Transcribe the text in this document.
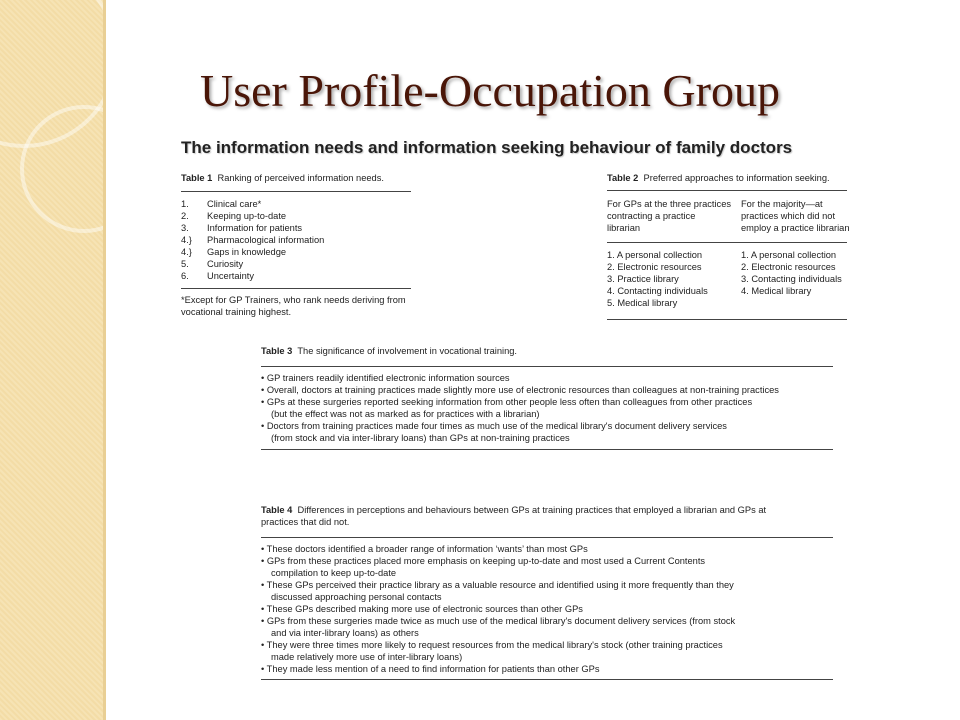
User Profile-Occupation Group
The information needs and information seeking behaviour of family doctors
Table 1 Ranking of perceived information needs.
1. Clinical care*
2. Keeping up-to-date
3. Information for patients
4.} Pharmacological information
4.} Gaps in knowledge
5. Curiosity
6. Uncertainty
*Except for GP Trainers, who rank needs deriving from
vocational training highest.
Table 2 Preferred approaches to information seeking.
For GPs at the three practices
contracting a practice
librarian
For the majority—at
practices which did not
employ a practice librarian
1. A personal collection
2. Electronic resources
3. Practice library
4. Contacting individuals
5. Medical library
1. A personal collection
2. Electronic resources
3. Contacting individuals
4. Medical library
Table 3 The significance of involvement in vocational training.
• GP trainers readily identified electronic information sources
• Overall, doctors at training practices made slightly more use of electronic resources than colleagues at non-training practices
• GPs at these surgeries reported seeking information from other people less often than colleagues from other practices
(but the effect was not as marked as for practices with a librarian)
• Doctors from training practices made four times as much use of the medical library's document delivery services
(from stock and via inter-library loans) than GPs at non-training practices
Table 4 Differences in perceptions and behaviours between GPs at training practices that employed a librarian and GPs at
practices that did not.
• These doctors identified a broader range of information ‘wants’ than most GPs
• GPs from these practices placed more emphasis on keeping up-to-date and most used a Current Contents
compilation to keep up-to-date
• These GPs perceived their practice library as a valuable resource and identified using it more frequently than they
discussed approaching personal contacts
• These GPs described making more use of electronic sources than other GPs
• GPs from these surgeries made twice as much use of the medical library's document delivery services (from stock
and via inter-library loans) as others
• They were three times more likely to request resources from the medical library's stock (other training practices
made relatively more use of inter-library loans)
• They made less mention of a need to find information for patients than other GPs
